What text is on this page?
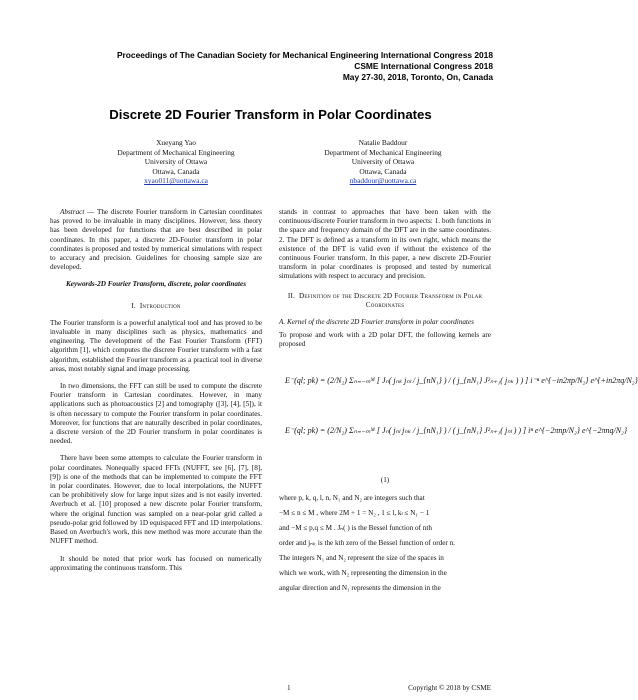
Proceedings of The Canadian Society for Mechanical Engineering International Congress 2018
CSME International Congress 2018
May 27-30, 2018, Toronto, On, Canada
Discrete 2D Fourier Transform in Polar Coordinates
Xueyang Yao
Department of Mechanical Engineering
University of Ottawa
Ottawa, Canada
xyao011@uottawa.ca
Natalie Baddour
Department of Mechanical Engineering
University of Ottawa
Ottawa, Canada
nbaddour@uottawa.ca

Abstract — The discrete Fourier transform in Cartesian coordinates has proved to be invaluable in many disciplines. However, less theory has been developed for functions that are best described in polar coordinates. In this paper, a discrete 2D-Fourier transform in polar coordinates is proposed and tested by numerical simulations with respect to accuracy and precision. Guidelines for choosing sample size are developed.

Keywords-2D Fourier Transform, discrete, polar coordinates
I. Introduction

The Fourier transform is a powerful analytical tool and has proved to be invaluable in many disciplines such as physics, mathematics and engineering. The development of the Fast Fourier Transform (FFT) algorithm [1], which computes the discrete Fourier transform with a fast algorithm, established the Fourier transform as a practical tool in diverse areas, most notably signal and image processing.

In two dimensions, the FFT can still be used to compute the discrete Fourier transform in Cartesian coordinates. However, in many applications such as photoacoustics [2] and tomography ([3], [4], [5]), it is often necessary to compute the Fourier transform in polar coordinates. Moreover, for functions that are naturally described in polar coordinates, a discrete version of the 2D Fourier transform in polar coordinates is needed.

There have been some attempts to calculate the Fourier transform in polar coordinates. Nonequally spaced FFTs (NUFFT, see [6], [7], [8], [9]) is one of the methods that can be implemented to compute the FFT in polar coordinates. However, due to local interpolations, the NUFFT can be prohibitively slow for large input sizes and is not easily inverted. Averbuch et al. [10] proposed a new discrete polar Fourier transform, where the original function was sampled on a near-polar grid called a pseudo-polar grid followed by 1D equispaced FFT and 1D interpolations. Based on Averbuch's work, this new method was more accurate than the NUFFT method.

It should be noted that prior work has focused on numerically approximating the continuous transform. This

stands in contrast to approaches that have been taken with the continuous/discrete Fourier transform in two aspects: 1. both functions in the space and frequency domain of the DFT are in the same coordinates. 2. The DFT is defined as a transform in its own right, which means the existence of the DFT is valid even if without the existence of the continuous Fourier transform. In this paper, a new discrete 2D-Fourier transform in polar coordinates is proposed and tested by numerical simulations with respect to accuracy and precision.

II. Definition of the Discrete 2D Fourier Transform in Polar Coordinates
A. Kernel of the discrete 2D Fourier transform in polar coordinates

To propose and work with a 2D polar DFT, the following kernels are proposed

E⁻(ql; pk) = (2/N₂) Σₙ₌₋ₘᴹ [ Jₙ( jₙₖ jₙₗ / j_{nN₁} ) / ( j_{nN₁} J²ₙ₊₁( jₙₖ ) ) ] i⁻ⁿ e^{−in2πp/N₂} e^{+in2πq/N₂}
E⁻(ql; pk) = (2/N₂) Σₙ₌₋ₘᴹ [ Jₙ( jₙₗ jₙₖ / j_{nN₁} ) / ( j_{nN₁} J²ₙ₊₁( jₙₗ ) ) ] iⁿ e^{−2πnp/N₂} e^{−2πnq/N₂}
(1)
where p, k, q, l, n, N₁ and N₂ are integers such that
−M ≤ n ≤ M , where 2M + 1 = N₂ , 1 ≤ l, kₗ ≤ N₁ − 1
and −M ≤ p,q ≤ M . Jₙ( ) is the Bessel function of nth
order and jₙₖ is the kth zero of the Bessel function of order n.
The integers N₁ and N₂ represent the size of the spaces in
which we work, with N₂ representing the dimension in the
angular direction and N₁ represents the dimension in the
1	Copyright © 2018 by CSME
